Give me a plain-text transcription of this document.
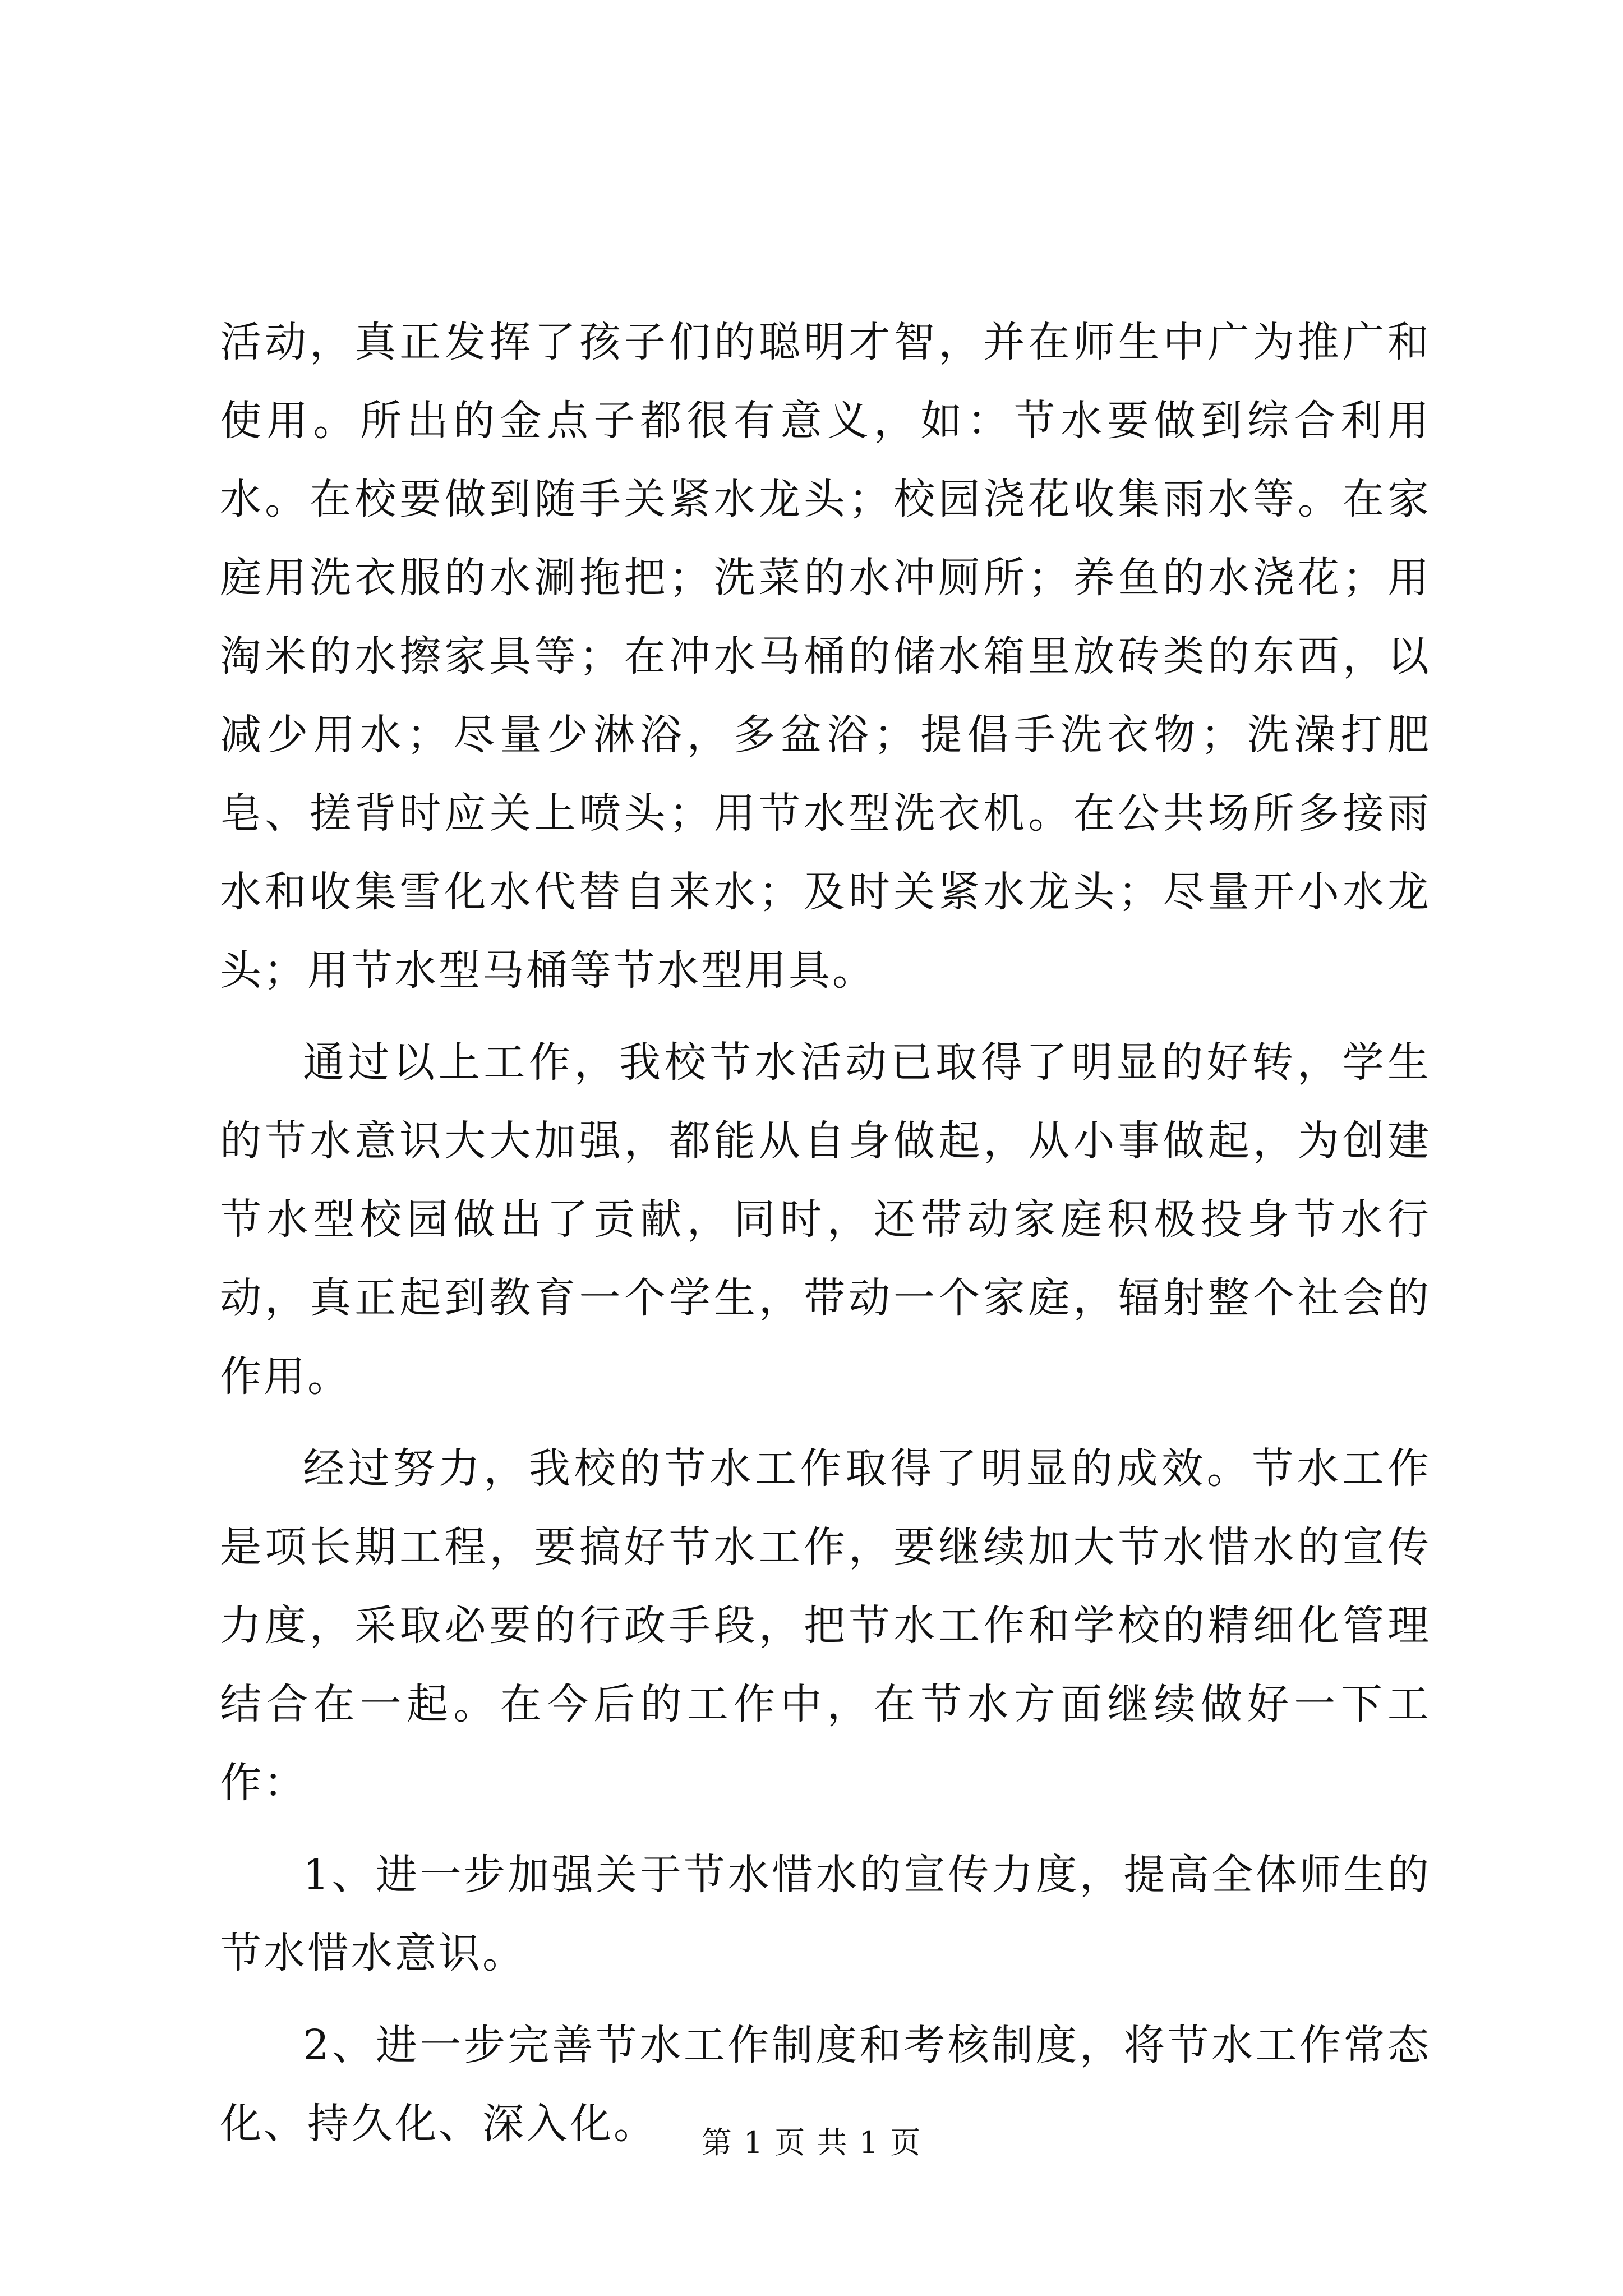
活动，真正发挥了孩子们的聪明才智，并在师生中广为推广和使用。所出的金点子都很有意义，如：节水要做到综合利用水。在校要做到随手关紧水龙头；校园浇花收集雨水等。在家庭用洗衣服的水涮拖把；洗菜的水冲厕所；养鱼的水浇花；用淘米的水擦家具等；在冲水马桶的储水箱里放砖类的东西，以减少用水；尽量少淋浴，多盆浴；提倡手洗衣物；洗澡打肥皂、搓背时应关上喷头；用节水型洗衣机。在公共场所多接雨水和收集雪化水代替自来水；及时关紧水龙头；尽量开小水龙头；用节水型马桶等节水型用具。

通过以上工作，我校节水活动已取得了明显的好转，学生的节水意识大大加强，都能从自身做起，从小事做起，为创建节水型校园做出了贡献，同时，还带动家庭积极投身节水行动，真正起到教育一个学生，带动一个家庭，辐射整个社会的作用。

经过努力，我校的节水工作取得了明显的成效。节水工作是项长期工程，要搞好节水工作，要继续加大节水惜水的宣传力度，采取必要的行政手段，把节水工作和学校的精细化管理结合在一起。在今后的工作中，在节水方面继续做好一下工作：

1、进一步加强关于节水惜水的宣传力度，提高全体师生的节水惜水意识。

2、进一步完善节水工作制度和考核制度，将节水工作常态化、持久化、深入化。	第 1 页 共 1 页
